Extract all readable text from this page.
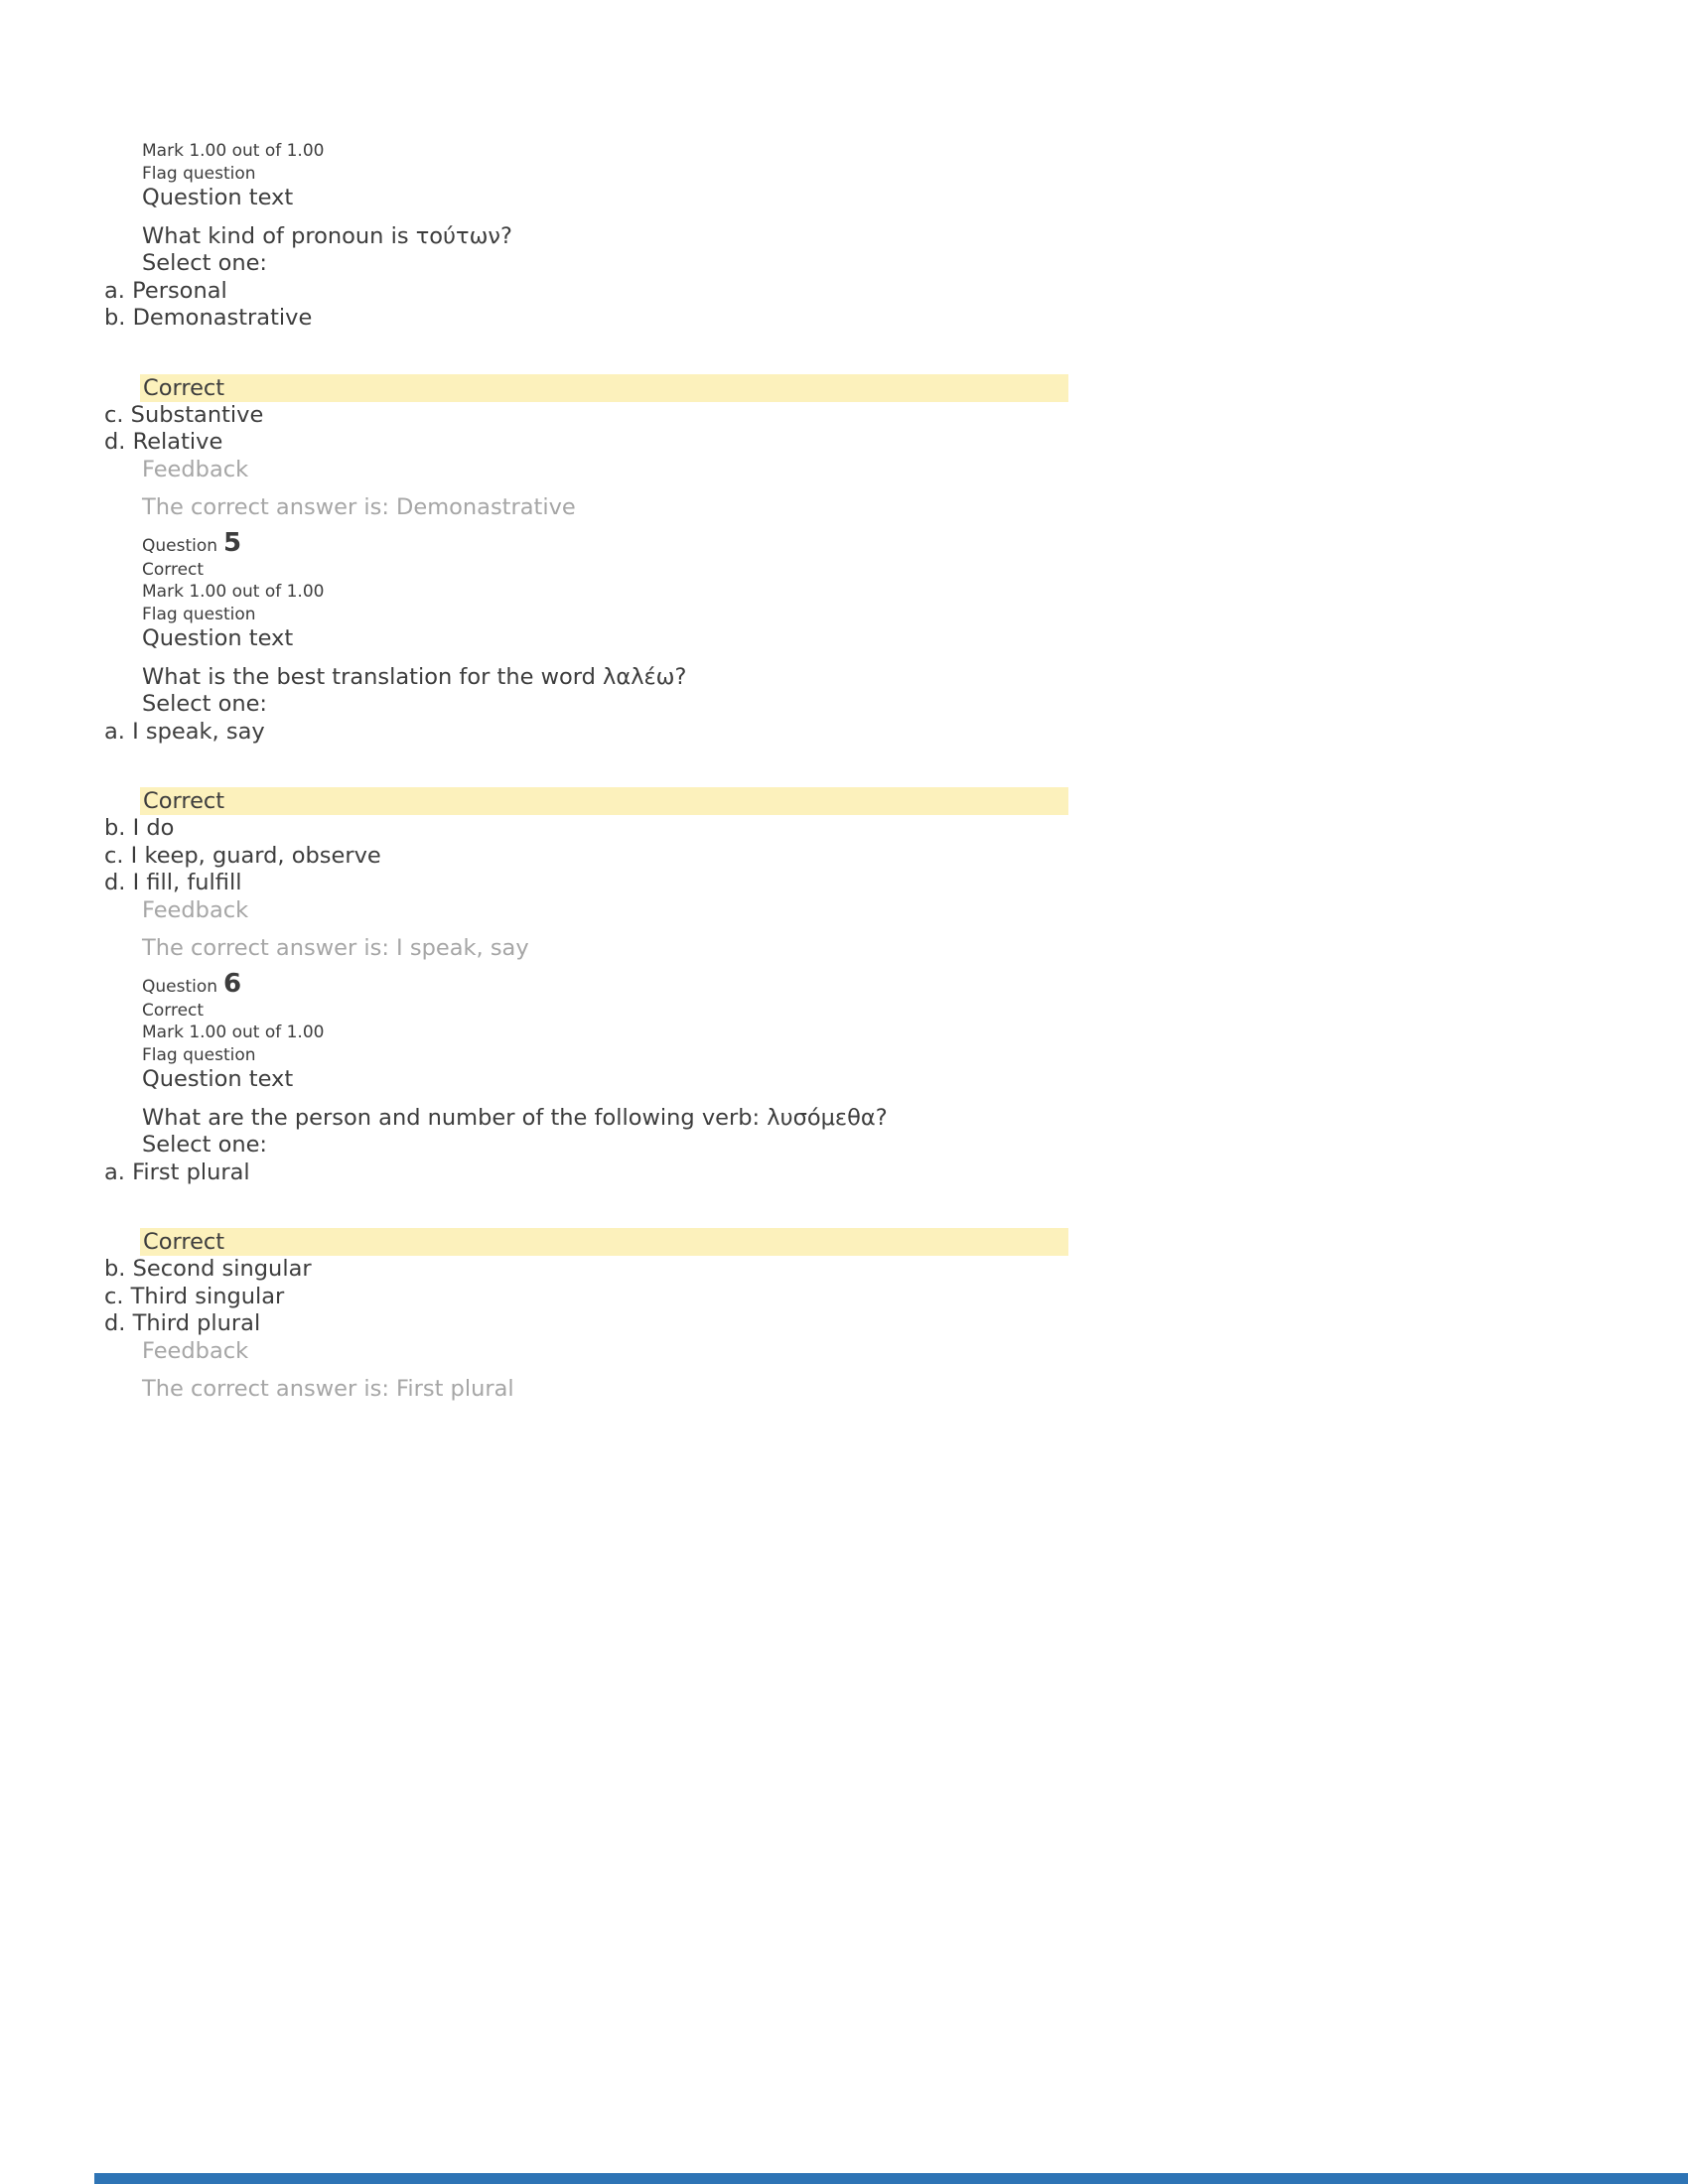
Mark 1.00 out of 1.00
Flag question
Question text
What kind of pronoun is τούτων?
Select one:
a. Personal
b. Demonastrative
Correct
c. Substantive
d. Relative
Feedback
The correct answer is: Demonastrative
Question 5
Correct
Mark 1.00 out of 1.00
Flag question
Question text
What is the best translation for the word λαλέω?
Select one:
a. I speak, say
Correct
b. I do
c. I keep, guard, observe
d. I fill, fulfill
Feedback
The correct answer is: I speak, say
Question 6
Correct
Mark 1.00 out of 1.00
Flag question
Question text
What are the person and number of the following verb: λυσόμεθα?
Select one:
a. First plural
Correct
b. Second singular
c. Third singular
d. Third plural
Feedback
The correct answer is: First plural
